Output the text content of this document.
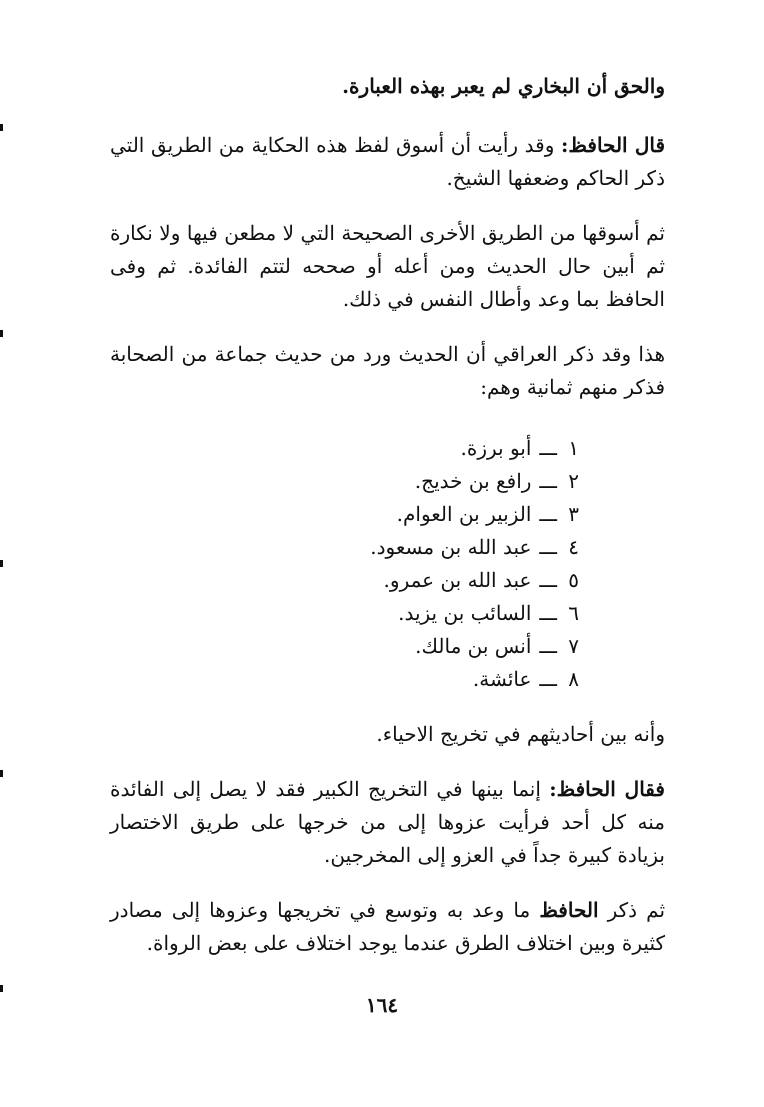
والحق أن البخاري لم يعبر بهذه العبارة.

قال الحافظ: وقد رأيت أن أسوق لفظ هذه الحكاية من الطريق التي ذكر الحاكم وضعفها الشيخ.

ثم أسوقها من الطريق الأخرى الصحيحة التي لا مطعن فيها ولا نكارة ثم أبين حال الحديث ومن أعله أو صححه لتتم الفائدة. ثم وفى الحافظ بما وعد وأطال النفس في ذلك.

هذا وقد ذكر العراقي أن الحديث ورد من حديث جماعة من الصحابة فذكر منهم ثمانية وهم:

١ـــأبو برزة.
٢ـــرافع بن خديج.
٣ـــالزبير بن العوام.
٤ـــعبد الله بن مسعود.
٥ـــعبد الله بن عمرو.
٦ـــالسائب بن يزيد.
٧ـــأنس بن مالك.
٨ـــعائشة.

وأنه بين أحاديثهم في تخريج الاحياء.

فقال الحافظ: إنما بينها في التخريج الكبير فقد لا يصل إلى الفائدة منه كل أحد فرأيت عزوها إلى من خرجها على طريق الاختصار بزيادة كبيرة جداً في العزو إلى المخرجين.

ثم ذكر الحافظ ما وعد به وتوسع في تخريجها وعزوها إلى مصادر كثيرة وبين اختلاف الطرق عندما يوجد اختلاف على بعض الرواة.

١٦٤
